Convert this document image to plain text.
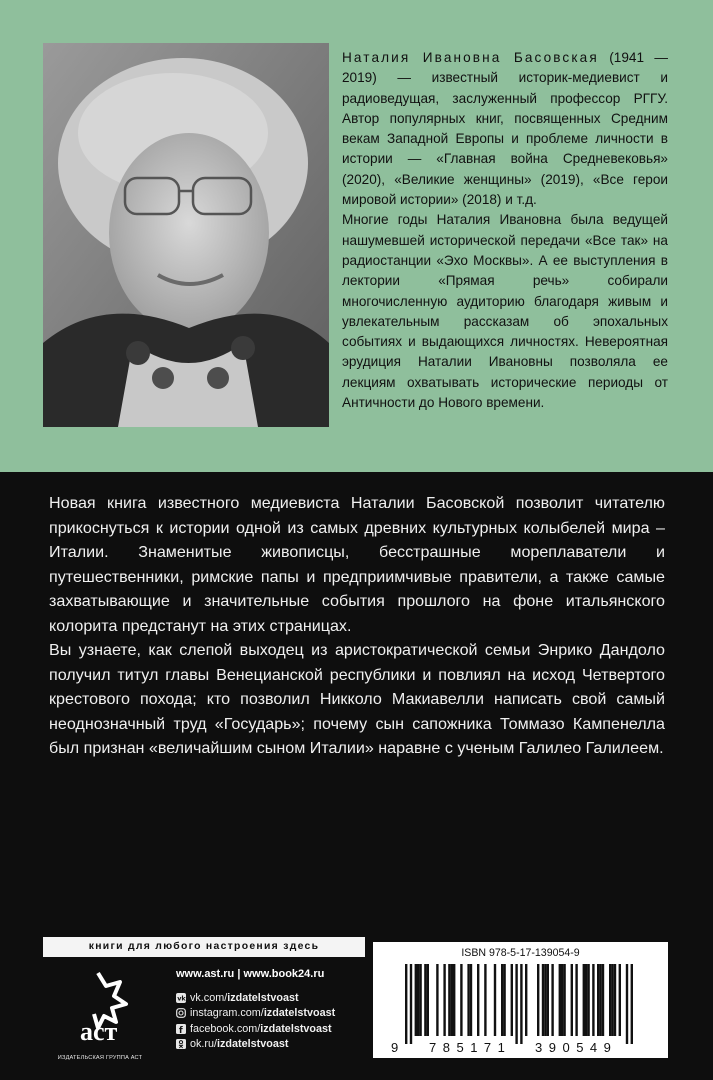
Наталия Ивановна Басовская (1941 — 2019) — известный историк-медиевист и радиоведущая, заслуженный профессор РГГУ. Автор популярных книг, посвященных Средним векам Западной Европы и проблеме личности в истории — «Главная война Средневековья» (2020), «Великие женщины» (2019), «Все герои мировой истории» (2018) и т.д.

Многие годы Наталия Ивановна была ведущей нашумевшей исторической передачи «Все так» на радиостанции «Эхо Москвы». А ее выступления в лектории «Прямая речь» собирали многочисленную аудиторию благодаря живым и увлекательным рассказам об эпохальных событиях и выдающихся личностях. Невероятная эрудиция Наталии Ивановны позволяла ее лекциям охватывать исторические периоды от Античности до Нового времени.

Новая книга известного медиевиста Наталии Басовской позволит читателю прикоснуться к истории одной из самых древних культурных колыбелей мира – Италии. Знаменитые живописцы, бесстрашные мореплаватели и путешественники, римские папы и предприимчивые правители, а также самые захватывающие и значительные события прошлого на фоне итальянского колорита предстанут на этих страницах.

Вы узнаете, как слепой выходец из аристократической семьи Энрико Дандоло получил титул главы Венецианской республики и повлиял на исход Четвертого крестового похода; кто позволил Никколо Макиавелли написать свой самый неоднозначный труд «Государь»; почему сын сапожника Томмазо Кампенелла был признан «величайшим сыном Италии» наравне с ученым Галилео Галилеем.

книги для любого настроения здесь
аст
ИЗДАТЕЛЬСКАЯ ГРУППА АСТ
www.ast.ru | www.book24.ru
vk vk.com/ izdatelstvoast
instagram.com/ izdatelstvoast
f facebook.com/ izdatelstvoast
ok.ru/ izdatelstvoast
ISBN 978-5-17-139054-9
9 785171 390549
